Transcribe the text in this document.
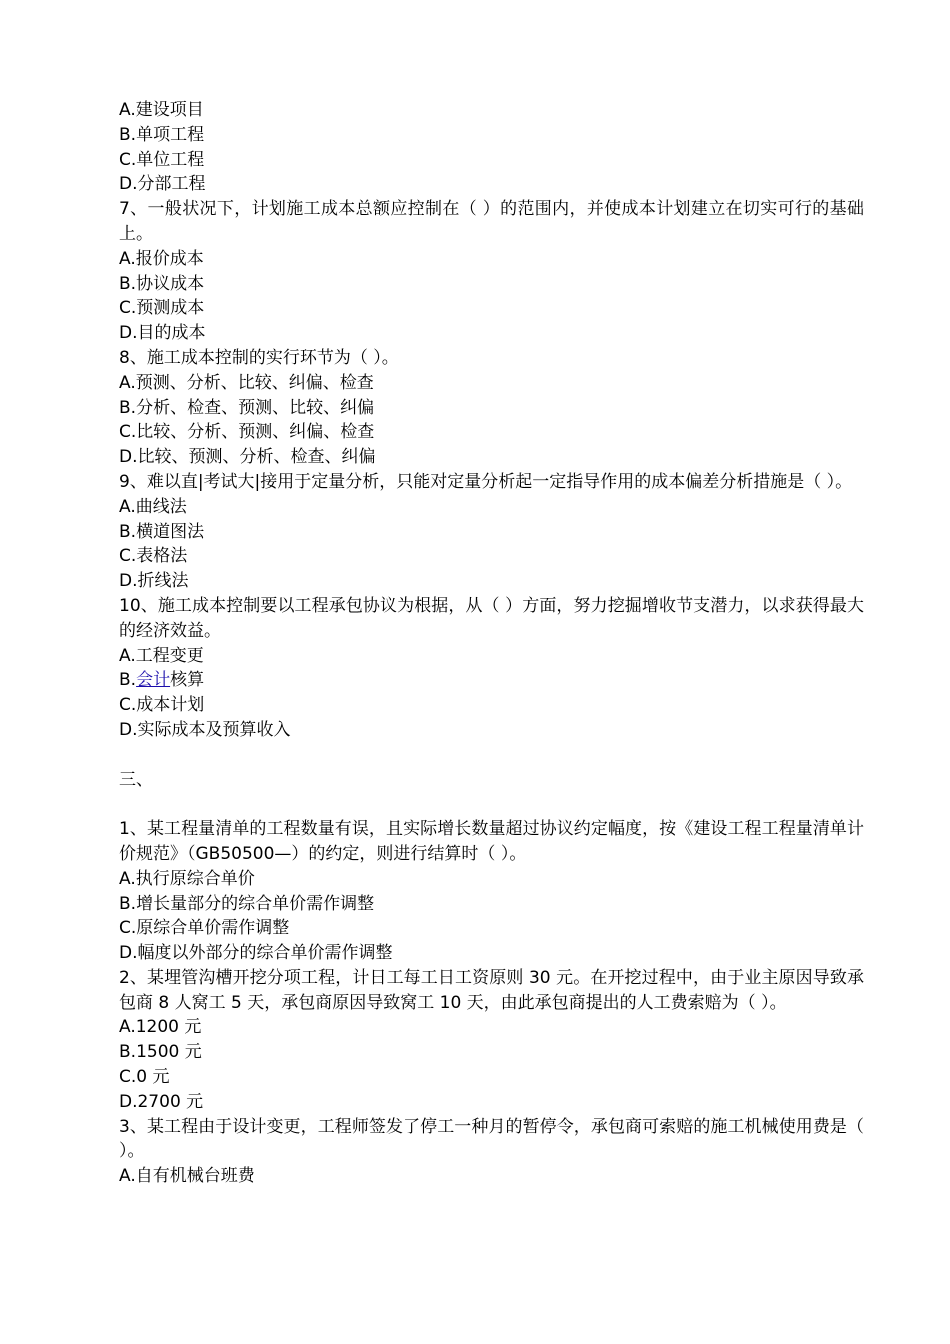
A.建设项目
B.单项工程
C.单位工程
D.分部工程
7、一般状况下，计划施工成本总额应控制在（ ）的范围内，并使成本计划建立在切实可行的基础上。
A.报价成本
B.协议成本
C.预测成本
D.目的成本
8、施工成本控制的实行环节为（ ）。
A.预测、分析、比较、纠偏、检查
B.分析、检查、预测、比较、纠偏
C.比较、分析、预测、纠偏、检查
D.比较、预测、分析、检查、纠偏
9、难以直|考试大|接用于定量分析，只能对定量分析起一定指导作用的成本偏差分析措施是（ ）。
A.曲线法
B.横道图法
C.表格法
D.折线法
10、施工成本控制要以工程承包协议为根据，从（ ）方面，努力挖掘增收节支潜力，以求获得最大的经济效益。
A.工程变更
B.会计核算
C.成本计划
D.实际成本及预算收入
三、
1、某工程量清单的工程数量有误，且实际增长数量超过协议约定幅度，按《建设工程工程量清单计价规范》（GB50500—）的约定，则进行结算时（ ）。
A.执行原综合单价
B.增长量部分的综合单价需作调整
C.原综合单价需作调整
D.幅度以外部分的综合单价需作调整
2、某埋管沟槽开挖分项工程，计日工每工日工资原则 30 元。在开挖过程中，由于业主原因导致承包商 8 人窝工 5 天，承包商原因导致窝工 10 天，由此承包商提出的人工费索赔为（ ）。
A.1200 元
B.1500 元
C.0 元
D.2700 元
3、某工程由于设计变更，工程师签发了停工一种月的暂停令，承包商可索赔的施工机械使用费是（ ）。
A.自有机械台班费
